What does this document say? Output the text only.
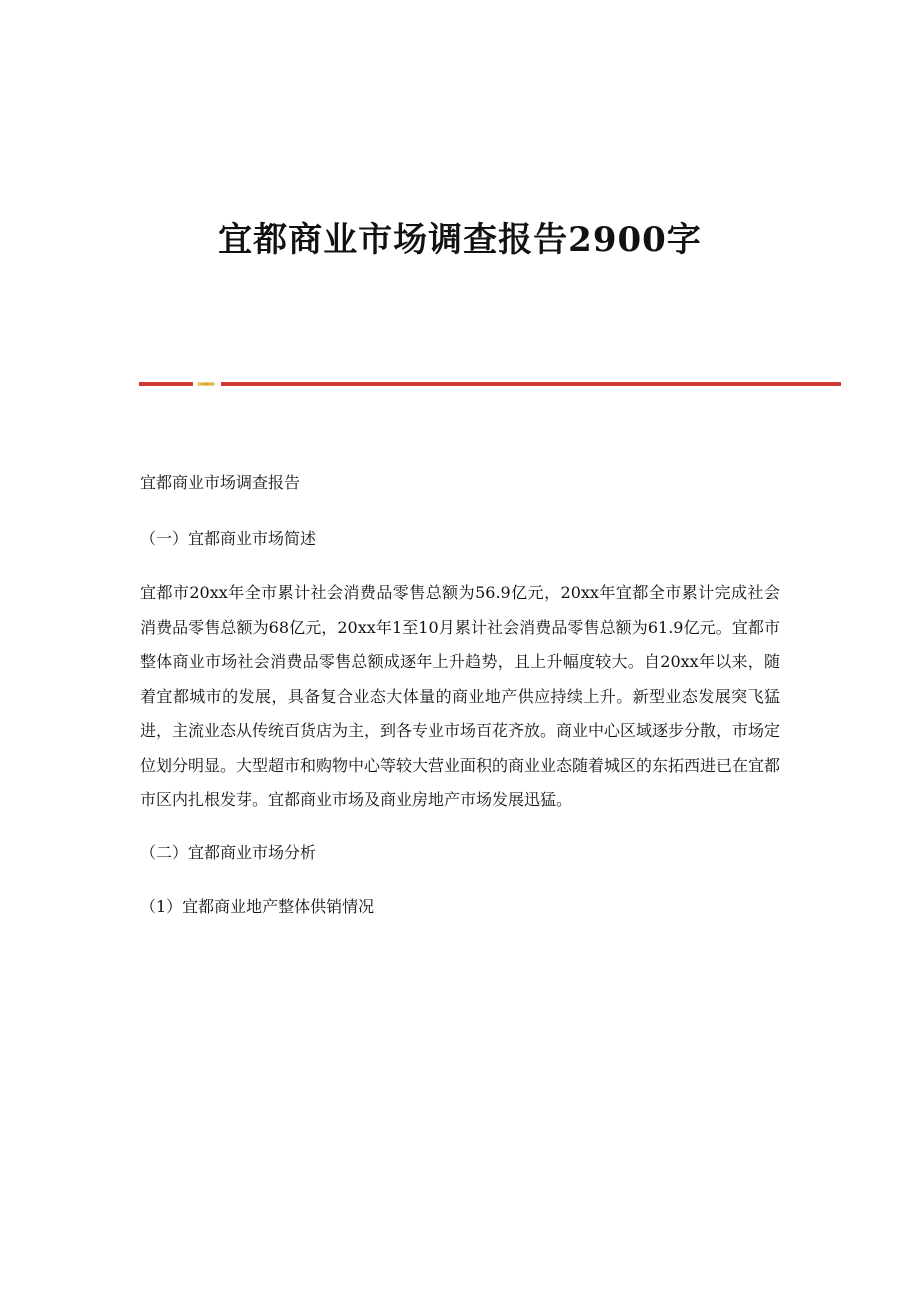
宜都商业市场调查报告2900字

宜都商业市场调查报告

（一）宜都商业市场简述

宜都市20xx年全市累计社会消费品零售总额为56.9亿元，20xx年宜都全市累计完成社会消费品零售总额为68亿元，20xx年1至10月累计社会消费品零售总额为61.9亿元。宜都市整体商业市场社会消费品零售总额成逐年上升趋势，且上升幅度较大。自20xx年以来，随着宜都城市的发展，具备复合业态大体量的商业地产供应持续上升。新型业态发展突飞猛进，主流业态从传统百货店为主，到各专业市场百花齐放。商业中心区域逐步分散，市场定位划分明显。大型超市和购物中心等较大营业面积的商业业态随着城区的东拓西进已在宜都市区内扎根发芽。宜都商业市场及商业房地产市场发展迅猛。

（二）宜都商业市场分析

（1）宜都商业地产整体供销情况
